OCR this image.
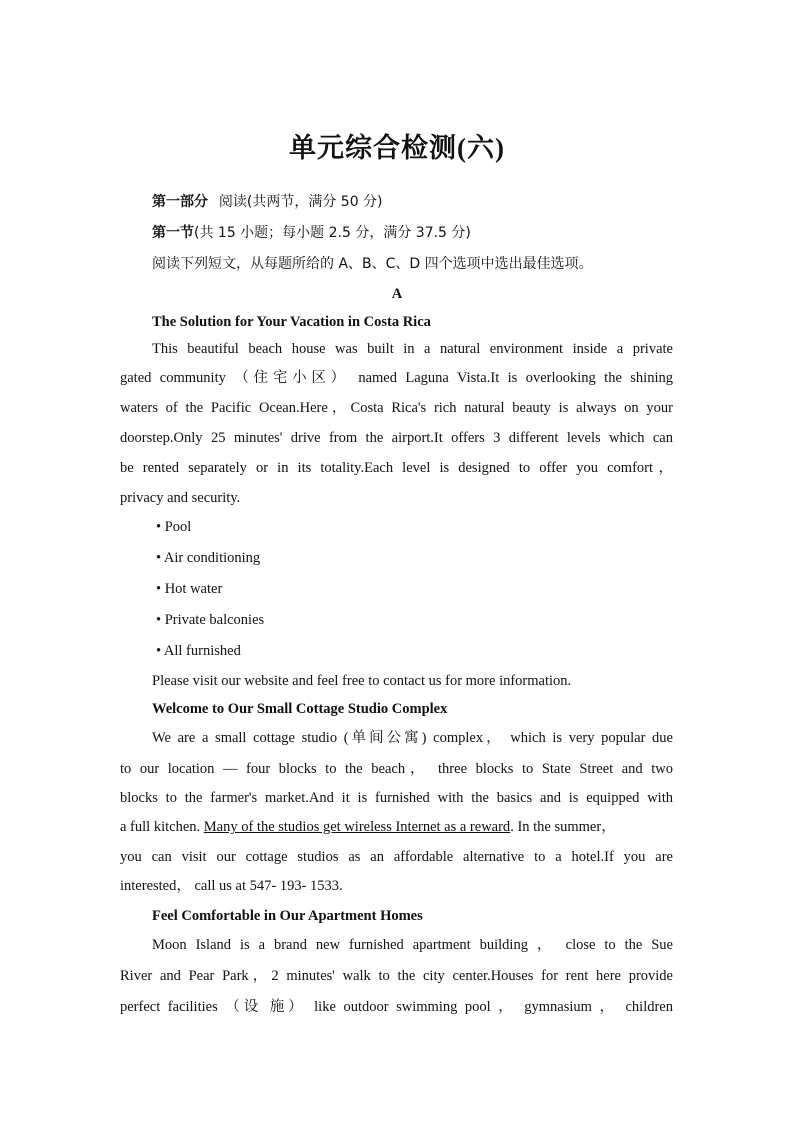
单元综合检测(六)
第一部分 阅读(共两节，满分 50 分)
第一节(共 15 小题；每小题 2.5 分，满分 37.5 分)
阅读下列短文，从每题所给的 A、B、C、D 四个选项中选出最佳选项。
A
The Solution for Your Vacation in Costa Rica
This beautiful beach house was built in a natural environment inside a private
gated community （住宅小区） named Laguna Vista.It is overlooking the shining
waters of the Pacific Ocean.Here，Costa Rica's rich natural beauty is always on your
doorstep.Only 25 minutes' drive from the airport.It offers 3 different levels which can
be rented separately or in its totality.Each level is designed to offer you comfort，
privacy and security.
• Pool
• Air conditioning
• Hot water
• Private balconies
• All furnished
Please visit our website and feel free to contact us for more information.
Welcome to Our Small Cottage Studio Complex
We are a small cottage studio (单间公寓) complex， which is very popular due
to our location — four blocks to the beach， three blocks to State Street and two
blocks to the farmer's market.And it is furnished with the basics and is equipped with
a full kitchen. Many of the studios get wireless Internet as a reward. In the summer，
you can visit our cottage studios as an affordable alternative to a hotel.If you are
interested， call us at 547- 193- 1533.
Feel Comfortable in Our Apartment Homes
Moon Island is a brand new furnished apartment building ， close to the Sue
River and Pear Park，2 minutes' walk to the city center.Houses for rent here provide
perfect facilities （设 施） like outdoor swimming pool ， gymnasium ， children
